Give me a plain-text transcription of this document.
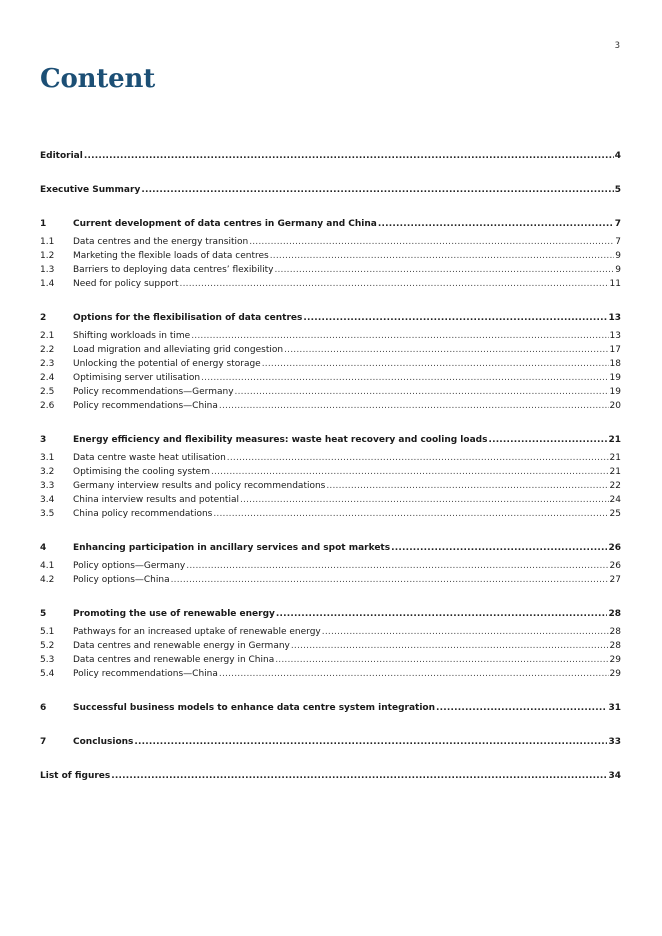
3
Content
Editorial .....	4
Executive Summary .....	5
1	Current development of data centres in Germany and China .....	7
1.1	Data centres and the energy transition .....	7
1.2	Marketing the flexible loads of data centres .....	9
1.3	Barriers to deploying data centres’ flexibility .....	9
1.4	Need for policy support .....	11
2	Options for the flexibilisation of data centres .....	13
2.1	Shifting workloads in time .....	13
2.2	Load migration and alleviating grid congestion .....	17
2.3	Unlocking the potential of energy storage .....	18
2.4	Optimising server utilisation .....	19
2.5	Policy recommendations—Germany .....	19
2.6	Policy recommendations—China .....	20
3	Energy efficiency and flexibility measures: waste heat recovery and cooling loads .....	21
3.1	Data centre waste heat utilisation .....	21
3.2	Optimising the cooling system .....	21
3.3	Germany interview results and policy recommendations .....	22
3.4	China interview results and potential .....	24
3.5	China policy recommendations .....	25
4	Enhancing participation in ancillary services and spot markets .....	26
4.1	Policy options—Germany .....	26
4.2	Policy options—China .....	27
5	Promoting the use of renewable energy .....	28
5.1	Pathways for an increased uptake of renewable energy .....	28
5.2	Data centres and renewable energy in Germany .....	28
5.3	Data centres and renewable energy in China .....	29
5.4	Policy recommendations—China .....	29
6	Successful business models to enhance data centre system integration .....	31
7	Conclusions .....	33
List of figures .....	34
